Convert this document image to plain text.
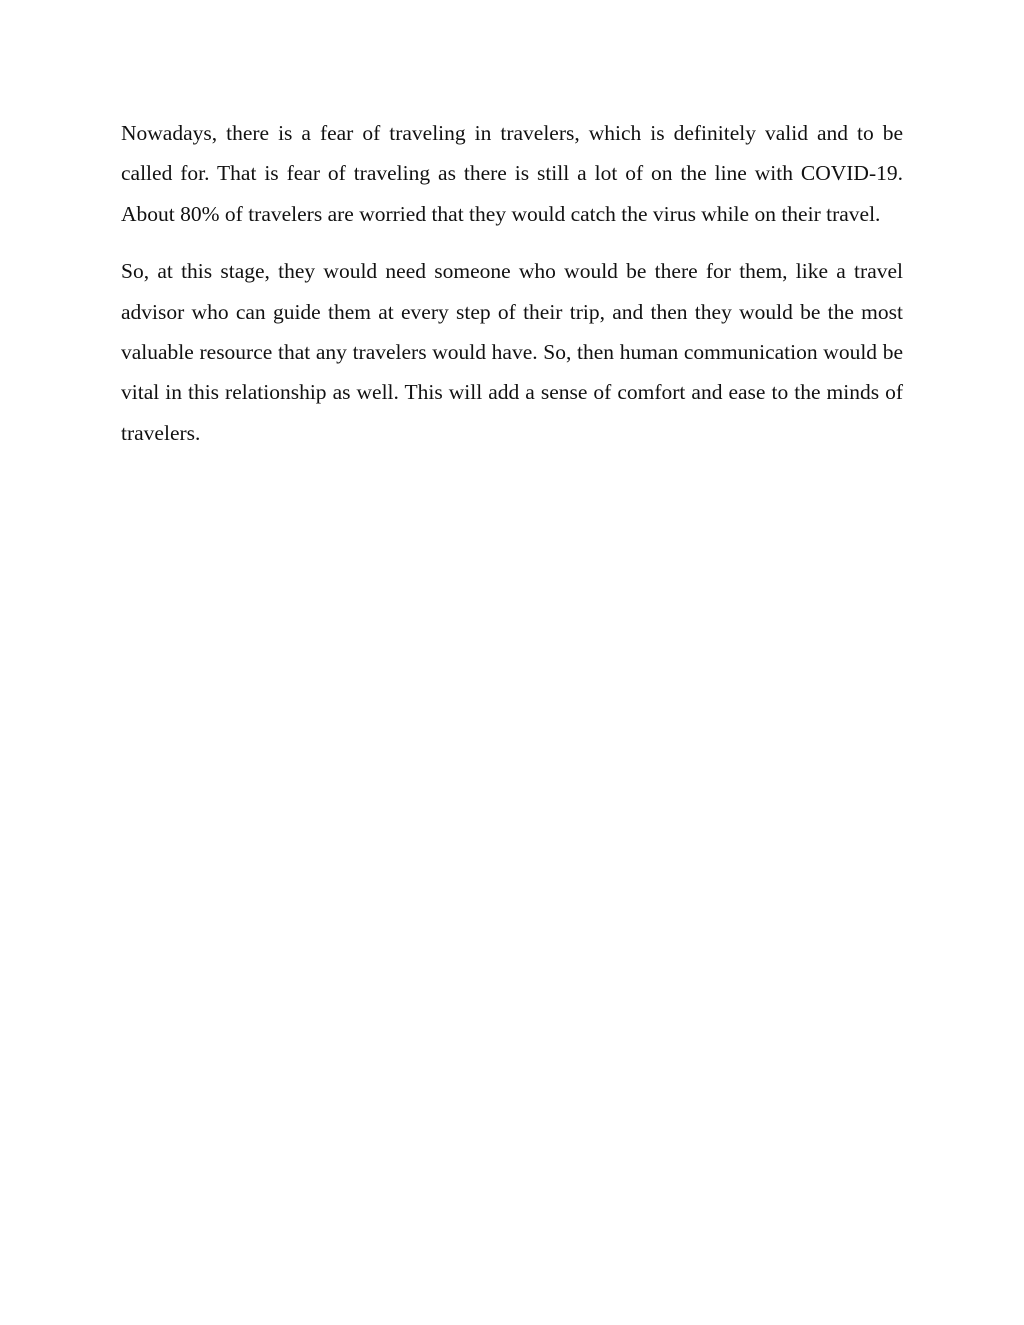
Nowadays, there is a fear of traveling in travelers, which is definitely valid and to be called for. That is fear of traveling as there is still a lot of on the line with COVID-19. About 80% of travelers are worried that they would catch the virus while on their travel.

So, at this stage, they would need someone who would be there for them, like a travel advisor who can guide them at every step of their trip, and then they would be the most valuable resource that any travelers would have. So, then human communication would be vital in this relationship as well. This will add a sense of comfort and ease to the minds of travelers.
